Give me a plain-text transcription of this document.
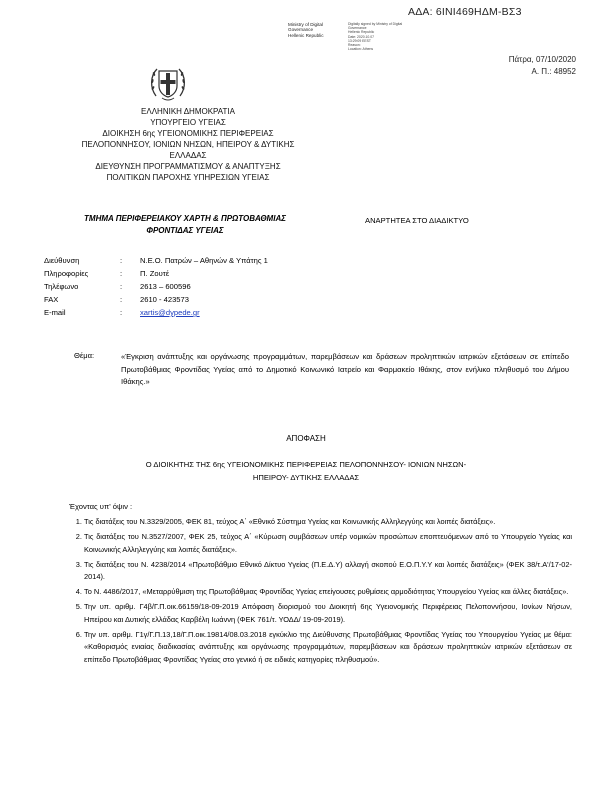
ΑΔΑ: 6ΙΝΙ469ΗΔΜ-ΒΣ3
Ministry of Digital
Governance
Hellenic Republic
Digitally signed by Ministry of Digital Governance
Hellenic Republic
Date: 2020.10.07
13:29:09 EEST
Reason:
Location: Athens
Πάτρα, 07/10/2020
Α. Π.: 48952
ΕΛΛΗΝΙΚΗ ΔΗΜΟΚΡΑΤΙΑ
ΥΠΟΥΡΓΕΙΟ ΥΓΕΙΑΣ
ΔΙΟΙΚΗΣΗ 6ης ΥΓΕΙΟΝΟΜΙΚΗΣ ΠΕΡΙΦΕΡΕΙΑΣ
ΠΕΛΟΠΟΝΝΗΣΟΥ, ΙΟΝΙΩΝ ΝΗΣΩΝ, ΗΠΕΙΡΟΥ & ΔΥΤΙΚΗΣ
ΕΛΛΑΔΑΣ
ΔΙΕΥΘΥΝΣΗ ΠΡΟΓΡΑΜΜΑΤΙΣΜΟΥ & ΑΝΑΠΤΥΞΗΣ
ΠΟΛΙΤΙΚΩΝ ΠΑΡΟΧΗΣ ΥΠΗΡΕΣΙΩΝ ΥΓΕΙΑΣ
ΤΜΗΜΑ ΠΕΡΙΦΕΡΕΙΑΚΟΥ ΧΑΡΤΗ & ΠΡΩΤΟΒΑΘΜΙΑΣ
ΦΡΟΝΤΙΔΑΣ ΥΓΕΙΑΣ
ΑΝΑΡΤΗΤΕΑ ΣΤΟ ΔΙΑΔΙΚΤΥΟ
Διεύθυνση	:	Ν.Ε.Ο. Πατρών – Αθηνών & Υπάτης 1
Πληροφορίες	:	Π. Ζουτέ
Τηλέφωνο	:	2613 – 600596
FAX	:	2610 - 423573
E-mail	:	xartis@dypede.gr
Θέμα:	«Έγκριση ανάπτυξης και οργάνωσης προγραμμάτων, παρεμβάσεων και δράσεων προληπτικών ιατρικών εξετάσεων σε επίπεδο Πρωτοβάθμιας Φροντίδας Υγείας από το Δημοτικό Κοινωνικό Ιατρείο και Φαρμακείο Ιθάκης, στον ενήλικο πληθυσμό του Δήμου Ιθάκης.»
ΑΠΟΦΑΣΗ
Ο ΔΙΟΙΚΗΤΗΣ ΤΗΣ 6ης ΥΓΕΙΟΝΟΜΙΚΗΣ ΠΕΡΙΦΕΡΕΙΑΣ ΠΕΛΟΠΟΝΝΗΣΟΥ- ΙΟΝΙΩΝ ΝΗΣΩΝ-
ΗΠΕΙΡΟΥ- ΔΥΤΙΚΗΣ ΕΛΛΑΔΑΣ
Έχοντας υπ' όψιν :
1. Τις διατάξεις του Ν.3329/2005, ΦΕΚ 81, τεύχος Α΄ «Εθνικό Σύστημα Υγείας και Κοινωνικής Αλληλεγγύης και λοιπές διατάξεις».
2. Τις διατάξεις του Ν.3527/2007, ΦΕΚ 25, τεύχος Α΄ «Κύρωση συμβάσεων υπέρ νομικών προσώπων εποπτευόμενων από το Υπουργείο Υγείας και Κοινωνικής Αλληλεγγύης και λοιπές διατάξεις».
3. Τις διατάξεις του Ν. 4238/2014 «Πρωτοβάθμιο Εθνικό Δίκτυο Υγείας (Π.Ε.Δ.Υ) αλλαγή σκοπού Ε.Ο.Π.Υ.Υ και λοιπές διατάξεις» (ΦΕΚ 38/τ.Α'/17-02-2014).
4. Το Ν. 4486/2017, «Μεταρρύθμιση της Πρωτοβάθμιας Φροντίδας Υγείας επείγουσες ρυθμίσεις αρμοδιότητας Υπουργείου Υγείας και άλλες διατάξεις».
5. Την υπ. αριθμ. Γ4β/Γ.Π.οικ.66159/18-09-2019 Απόφαση διορισμού του Διοικητή 6ης Υγειονομικής Περιφέρειας Πελοποννήσου, Ιονίων Νήσων, Ηπείρου και Δυτικής ελλάδας Καρβέλη Ιωάννη (ΦΕΚ 761/τ. ΥΟΔΔ/ 19-09-2019).
6. Την υπ. αριθμ. Γ1γ/Γ.Π.13,18/Γ.Π.οικ.19814/08.03.2018 εγκύκλιο της Διεύθυνσης Πρωτοβάθμιας Φροντίδας Υγείας του Υπουργείου Υγείας με θέμα: «Καθορισμός ενιαίας διαδικασίας ανάπτυξης και οργάνωσης προγραμμάτων, παρεμβάσεων και δράσεων προληπτικών ιατρικών εξετάσεων σε επίπεδο Πρωτοβάθμιας Φροντίδας Υγείας στο γενικό ή σε ειδικές κατηγορίες πληθυσμού».
